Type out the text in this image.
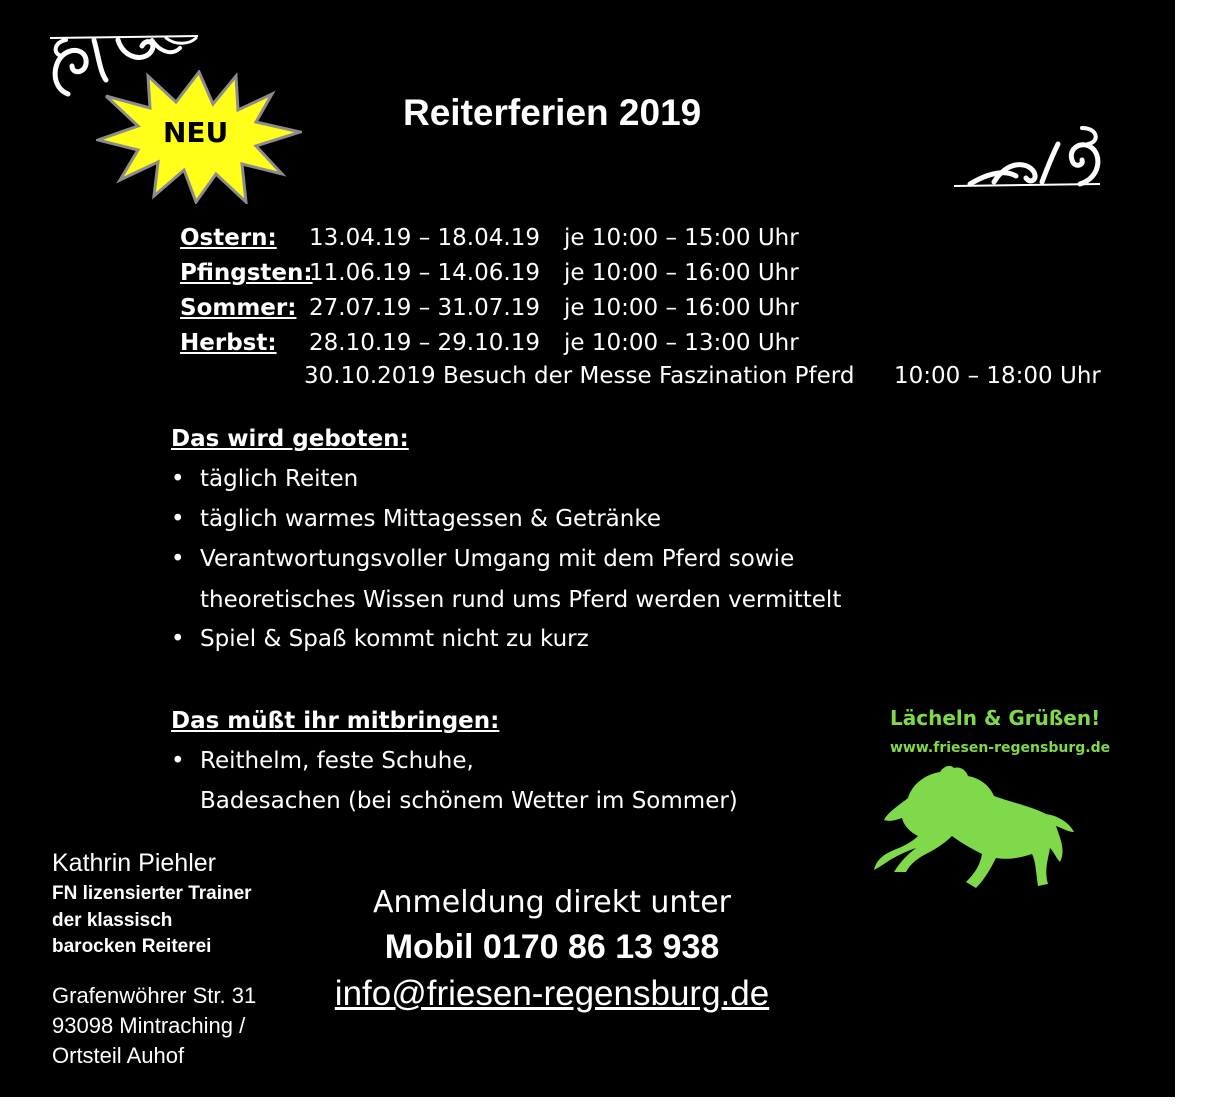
NEU	Reiterferien 2019
Ostern: 13.04.19 – 18.04.19 je 10:00 – 15:00 Uhr
Pfingsten:
11.06.19 – 14.06.19 je 10:00 – 16:00 Uhr
Sommer: 27.07.19 – 31.07.19 je 10:00 – 16:00 Uhr
Herbst: 28.10.19 – 29.10.19 je 10:00 – 13:00 Uhr
30.10.2019 Besuch der Messe Faszination Pferd 10:00 – 18:00 Uhr
Das wird geboten:
• täglich Reiten
• täglich warmes Mittagessen & Getränke
• Verantwortungsvoller Umgang mit dem Pferd sowie
theoretisches Wissen rund ums Pferd werden vermittelt
• Spiel & Spaß kommt nicht zu kurz
Das müßt ihr mitbringen:
• Reithelm, feste Schuhe,
Badesachen (bei schönem Wetter im Sommer)
Lächeln & Grüßen!
www.friesen-regensburg.de
Kathrin Piehler
FN lizensierter Trainer
der klassisch
barocken Reiterei
Grafenwöhrer Str. 31
93098 Mintraching /
Ortsteil Auhof
Anmeldung direkt unter
Mobil 0170 86 13 938
info@friesen-regensburg.de
